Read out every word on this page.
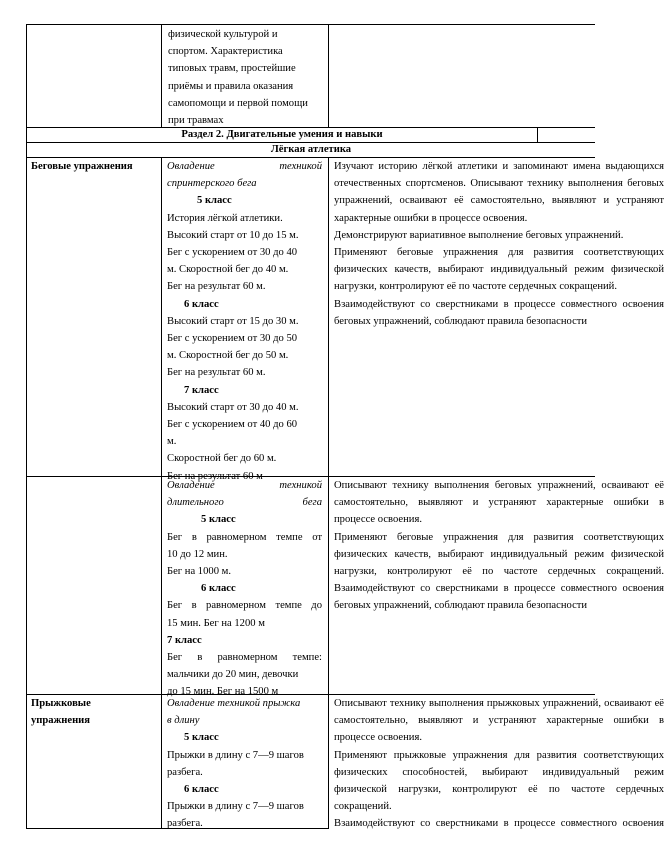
физической культурой и
спортом. Характеристика
типовых травм, простейшие
приёмы и правила оказания
самопомощи и первой помощи
при травмах
Раздел 2. Двигательные умения и навыки
Лёгкая атлетика
Беговые упражнения	Овладение техникой
спринтерского бега
5 класс
История лёгкой атлетики.
Высокий старт от 10 до 15 м.
Бег с ускорением от 30 до 40
м. Скоростной бег до 40 м.
Бег на результат 60 м.
6 класс
Высокий старт от 15 до 30 м.
Бег с ускорением от 30 до 50
м. Скоростной бег до 50 м.
Бег на результат 60 м.
7 класс
Высокий старт от 30 до 40 м.
Бег с ускорением от 40 до 60
м.
Скоростной бег до 60 м.
Бег на результат 60 м
Овладение техникой
длительного бега
5 класс
Бег в равномерном темпе от
10 до 12 мин.
Бег на 1000 м.
6 класс
Бег в равномерном темпе до
15 мин. Бег на 1200 м
7 класс
Бег в равномерном темпе:
мальчики до 20 мин, девочки
до 15 мин. Бег на 1500 м
Прыжковые
упражнения
Овладение техникой прыжка
в длину
5 класс
Прыжки в длину с 7—9 шагов
разбега.
6 класс
Прыжки в длину с 7—9 шагов
разбега.
Изучают историю лёгкой атлетики и запоминают имена выдающихся
отечественных спортсменов. Описывают технику выполнения беговых
упражнений, осваивают её самостоятельно, выявляют и устраняют
характерные ошибки в процессе освоения.
Демонстрируют вариативное выполнение беговых упражнений.
Применяют беговые упражнения для развития соответствующих
физических качеств, выбирают индивидуальный режим физической
нагрузки, контролируют её по частоте сердечных сокращений.
Взаимодействуют со сверстниками в процессе совместного освоения
беговых упражнений, соблюдают правила безопасности
Описывают технику выполнения беговых упражнений, осваивают её
самостоятельно, выявляют и устраняют характерные ошибки в
процессе освоения.
Применяют беговые упражнения для развития соответствующих
физических качеств, выбирают индивидуальный режим физической
нагрузки, контролируют её по частоте сердечных сокращений.
Взаимодействуют со сверстниками в процессе совместного освоения
беговых упражнений, соблюдают правила безопасности
Описывают технику выполнения прыжковых упражнений, осваивают её
самостоятельно, выявляют и устраняют характерные ошибки в
процессе освоения.
Применяют прыжковые упражнения для развития соответствующих
физических способностей, выбирают индивидуальный режим
физической нагрузки, контролируют её по частоте сердечных
сокращений.
Взаимодействуют со сверстниками в процессе совместного освоения
